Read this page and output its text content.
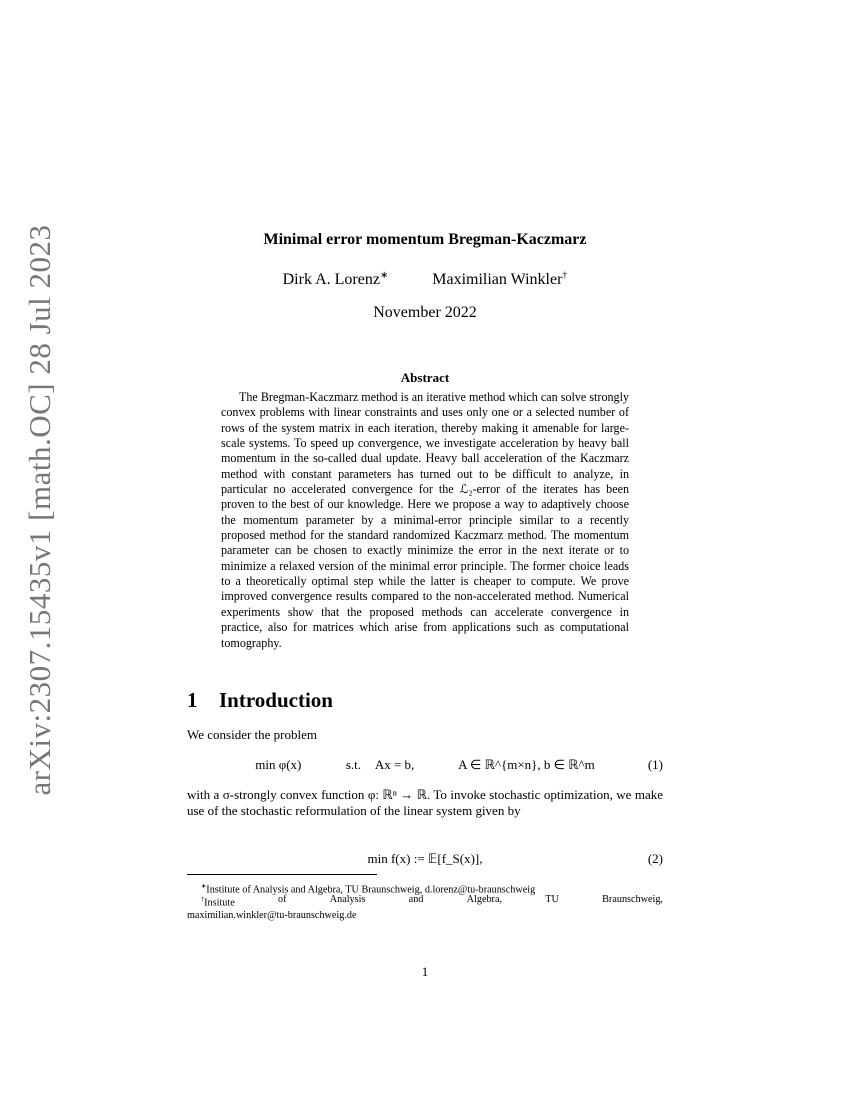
arXiv:2307.15435v1 [math.OC] 28 Jul 2023	Minimal error momentum Bregman-Kaczmarz
Dirk A. Lorenz∗	Maximilian Winkler†
November 2022
Abstract
The Bregman-Kaczmarz method is an iterative method which can solve strongly convex problems with linear constraints and uses only one or a selected number of rows of the system matrix in each iteration, thereby making it amenable for large-scale systems. To speed up convergence, we investigate acceleration by heavy ball momentum in the so-called dual update. Heavy ball acceleration of the Kaczmarz method with constant parameters has turned out to be difficult to analyze, in particular no accelerated convergence for the ℒ₂-error of the iterates has been proven to the best of our knowledge. Here we propose a way to adaptively choose the momentum parameter by a minimal-error principle similar to a recently proposed method for the standard randomized Kaczmarz method. The momentum parameter can be chosen to exactly minimize the error in the next iterate or to minimize a relaxed version of the minimal error principle. The former choice leads to a theoretically optimal step while the latter is cheaper to compute. We prove improved convergence results compared to the non-accelerated method. Numerical experiments show that the proposed methods can accelerate convergence in practice, also for matrices which arise from applications such as computational tomography.
1 Introduction
We consider the problem
min φ(x)	s.t. Ax = b,	A ∈ ℝ^{m×n}, b ∈ ℝ^m	(1)
with a σ-strongly convex function φ: ℝⁿ → ℝ. To invoke stochastic optimization, we make use of the stochastic reformulation of the linear system given by
min f(x) := 𝔼[f_S(x)],	(2)
∗Institute of Analysis and Algebra, TU Braunschweig, d.lorenz@tu-braunschweig
†Insitute	of	Analysis	and	Algebra,	TU	Braunschweig,
maximilian.winkler@tu-braunschweig.de
1
